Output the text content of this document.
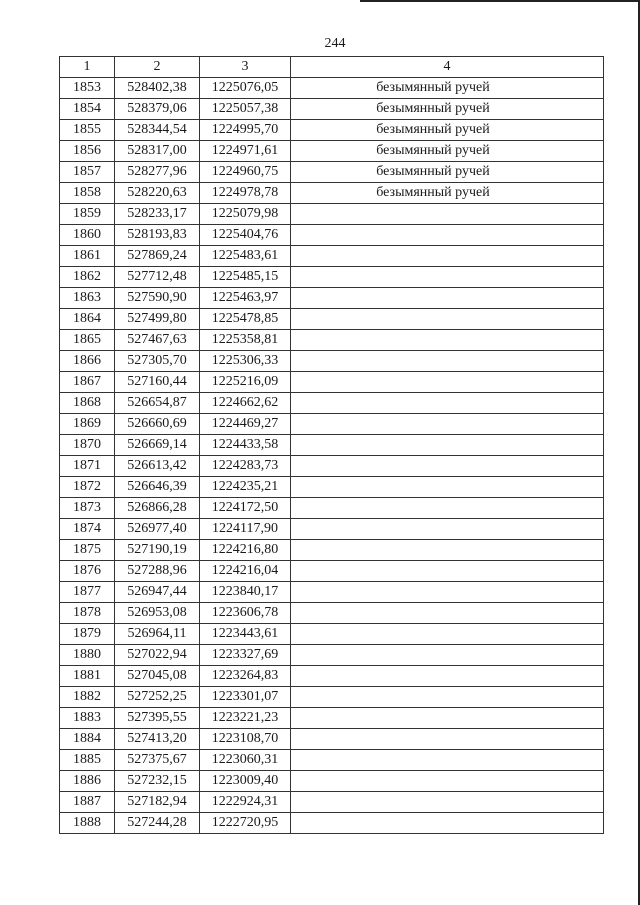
244
1	2	3	4
1853	528402,38	1225076,05	безымянный ручей
1854	528379,06	1225057,38	безымянный ручей
1855	528344,54	1224995,70	безымянный ручей
1856	528317,00	1224971,61	безымянный ручей
1857	528277,96	1224960,75	безымянный ручей
1858	528220,63	1224978,78	безымянный ручей
1859	528233,17	1225079,98	
1860	528193,83	1225404,76	
1861	527869,24	1225483,61	
1862	527712,48	1225485,15	
1863	527590,90	1225463,97	
1864	527499,80	1225478,85	
1865	527467,63	1225358,81	
1866	527305,70	1225306,33	
1867	527160,44	1225216,09	
1868	526654,87	1224662,62	
1869	526660,69	1224469,27	
1870	526669,14	1224433,58	
1871	526613,42	1224283,73	
1872	526646,39	1224235,21	
1873	526866,28	1224172,50	
1874	526977,40	1224117,90	
1875	527190,19	1224216,80	
1876	527288,96	1224216,04	
1877	526947,44	1223840,17	
1878	526953,08	1223606,78	
1879	526964,11	1223443,61	
1880	527022,94	1223327,69	
1881	527045,08	1223264,83	
1882	527252,25	1223301,07	
1883	527395,55	1223221,23	
1884	527413,20	1223108,70	
1885	527375,67	1223060,31	
1886	527232,15	1223009,40	
1887	527182,94	1222924,31	
1888	527244,28	1222720,95	
